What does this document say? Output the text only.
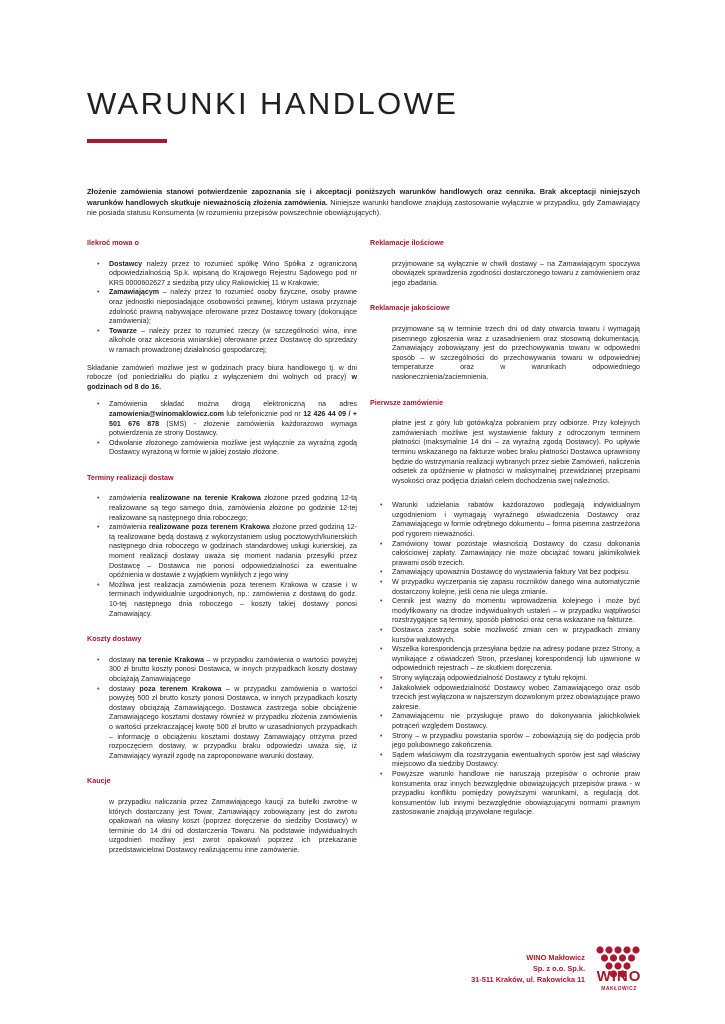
WARUNKI HANDLOWE

Złożenie zamówienia stanowi potwierdzenie zapoznania się i akceptacji poniższych warunków handlowych oraz cennika. Brak akceptacji niniejszych warunków handlowych skutkuje nieważnością złożenia zamówienia. Niniejsze warunki handlowe znajdują zastosowanie wyłącznie w przypadku, gdy Zamawiający nie posiada statusu Konsumenta (w rozumieniu przepisów powszechnie obowiązujących).

Ilekroć mowa o
• Dostawcy należy przez to rozumieć spółkę Wino Spółka z ograniczoną odpowiedzialnością Sp.k. wpisaną do Krajowego Rejestru Sądowego pod nr KRS 0000602627 z siedzibą przy ulicy Rakowickiej 11 w Krakowie;
• Zamawiającym – należy przez to rozumieć osoby fizyczne, osoby prawne oraz jednostki nieposiadające osobowości prawnej, którym ustawa przyznaje zdolność prawną nabywające oferowane przez Dostawcę towary (dokonujące zamówienia);
• Towarze – należy przez to rozumieć rzeczy (w szczególności wina, inne alkohole oraz akcesoria winiarskie) oferowane przez Dostawcę do sprzedaży w ramach prowadzonej działalności gospodarczej;

Składanie zamówień możliwe jest w godzinach pracy biura handlowego tj. w dni robocze (od poniedziałku do piątku z wyłączeniem dni wolnych od pracy) w godzinach od 8 do 16.

• Zamówienia składać można drogą elektroniczną na adres zamowienia@winomaklowicz.com lub telefonicznie pod nr 12 426 44 09 / + 501 676 878 (SMS) - złożenie zamówienia każdorazowo wymaga potwierdzenia ze strony Dostawcy.
• Odwołanie złożonego zamówienia możliwe jest wyłącznie za wyraźną zgodą Dostawcy wyrażoną w formie w jakiej zostało złożone.
Terminy realizacji dostaw
• zamówienia realizowane na terenie Krakowa złożone przed godziną 12-tą realizowane są tego samego dnia, zamówienia złożone po godzinie 12-tej realizowane są następnego dnia roboczego;
• zamówienia realizowane poza terenem Krakowa złożone przed godziną 12-tą realizowane będą dostawą z wykorzystaniem usług pocztowych/kurierskich następnego dnia roboczego w godzinach standardowej usługi kurierskiej, za moment realizacji dostawy uważa się moment nadania przesyłki przez Dostawcę – Dostawca nie ponosi odpowiedzialności za ewentualne opóźnienia w dostawie z wyjątkiem wynikłych z jego winy
• Możliwa jest realizacja zamówienia poza terenem Krakowa w czasie i w terminach indywidualnie uzgodnionych, np.: zamówienia z dostawą do godz. 10-tej następnego dnia roboczego – koszty takiej dostawy ponosi Zamawiający.
Koszty dostawy
• dostawy na terenie Krakowa – w przypadku zamówienia o wartości powyżej 300 zł brutto koszty ponosi Dostawca, w innych przypadkach koszty dostawy obciążają Zamawiającego
• dostawy poza terenem Krakowa – w przypadku zamówienia o wartości powyżej 500 zł brutto koszty ponosi Dostawca, w innych przypadkach koszty dostawy obciążają Zamawiającego. Dostawca zastrzega sobie obciążenie Zamawiającego kosztami dostawy również w przypadku złożenia zamówienia o wartości przekraczającej kwotę 500 zł brutto w uzasadnionych przypadkach – informację o obciążeniu kosztami dostawy Zamawiający otrzyma przed rozpoczęciem dostawy, w przypadku braku odpowiedzi uważa się, iż Zamawiający wyraził zgodę na zaproponowane warunki dostawy.
Kaucje

w przypadku naliczania przez Zamawiającego kaucji za butelki zwrotne w których dostarczany jest Towar, Zamawiający zobowiązany jest do zwrotu opakowań na własny koszt (poprzez doręczenie do siedziby Dostawcy) w terminie do 14 dni od dostarczenia Towaru. Na podstawie indywidualnych uzgodnień możliwy jest zwrot opakowań poprzez ich przekazanie przedstawicielowi Dostawcy realizującemu inne zamówienie.

Reklamacje ilościowe

przyjmowane są wyłącznie w chwili dostawy – na Zamawiającym spoczywa obowiązek sprawdzenia zgodności dostarczonego towaru z zamówieniem oraz jego zbadania.

Reklamacje jakościowe

przyjmowane są w terminie trzech dni od daty otwarcia towaru i wymagają pisemnego zgłoszenia wraz z uzasadnieniem oraz stosowną dokumentacją. Zamawiający zobowiązany jest do przechowywania towaru w odpowiedni sposób – w szczególności do przechowywania towaru w odpowiedniej temperaturze oraz w warunkach odpowiedniego nasłonecznienia/zaciemnienia.

Pierwsze zamówienie

płatne jest z góry lub gotówką/za pobraniem przy odbiorze. Przy kolejnych zamówieniach możliwe jest wystawienie faktury z odroczonym terminem płatności (maksymalnie 14 dni – za wyraźną zgodą Dostawcy). Po upływie terminu wskazanego na fakturze wobec braku płatności Dostawca uprawniony będzie do wstrzymania realizacji wybranych przez siebie Zamówień, naliczenia odsetek za opóźnienie w płatności w maksymalnej przewidzianej przepisami wysokości oraz podjęcia działań celem dochodzenia swej należności.

• Warunki udzielania rabatów każdorazowo podlegają indywidualnym uzgodnieniom i wymagają wyraźnego oświadczenia Dostawcy oraz Zamawiającego w formie odrębnego dokumentu – forma pisemna zastrzeżona pod rygorem nieważności.
• Zamówiony towar pozostaje własnością Dostawcy do czasu dokonania całościowej zapłaty. Zamawiający nie może obciążać towaru jakimikolwiek prawami osób trzecich.
• Zamawiający upoważnia Dostawcę do wystawienia faktury Vat bez podpisu.
• W przypadku wyczerpania się zapasu roczników danego wina automatycznie dostarczony kolejne, jeśli cena nie ulega zmianie.
• Cennik jest ważny do momentu wprowadzenia kolejnego i może być modyfikowany na drodze indywidualnych ustaleń – w przypadku wątpliwości rozstrzygające są terminy, sposób płatności oraz cena wskazane na fakturze.
• Dostawca zastrzega sobie możliwość zmian cen w przypadkach zmiany kursów walutowych.
• Wszelka korespondencja przesyłana będzie na adresy podane przez Strony, a wynikające z oświadczeń Stron, przesłanej korespondencji lub ujawnione w odpowiednich rejestrach – ze skutkiem doręczenia.
• Strony wyłączają odpowiedzialność Dostawcy z tytułu rękojmi.
• Jakakolwiek odpowiedzialność Dostawcy wobec Zamawiającego oraz osób trzecich jest wyłączona w najszerszym dozwolonym przez obowiązujące prawo zakresie.
• Zamawiającemu nie przysługuje prawo do dokonywania jakichkolwiek potrąceń względem Dostawcy.
• Strony – w przypadku powstania sporów – zobowiązują się do podjęcia prób jego polubownego zakończenia.
• Sądem właściwym dla rozstrzygania ewentualnych sporów jest sąd właściwy miejscowo dla siedziby Dostawcy.
• Powyższe warunki handlowe nie naruszają przepisów o ochronie praw konsumenta oraz innych bezwzględnie obowiązujących przepisów prawa - w przypadku konfliktu pomiędzy powyższymi warunkami, a regulacją dot. konsumentów lub innymi bezwzględnie obowiązującymi normami prawnym zastosowanie znajdują przywołane regulacje.
WINO Makłowicz
Sp. z o.o. Sp.k.
31-511 Kraków, ul. Rakowicka 11 WINO
MAKŁOWICZ
